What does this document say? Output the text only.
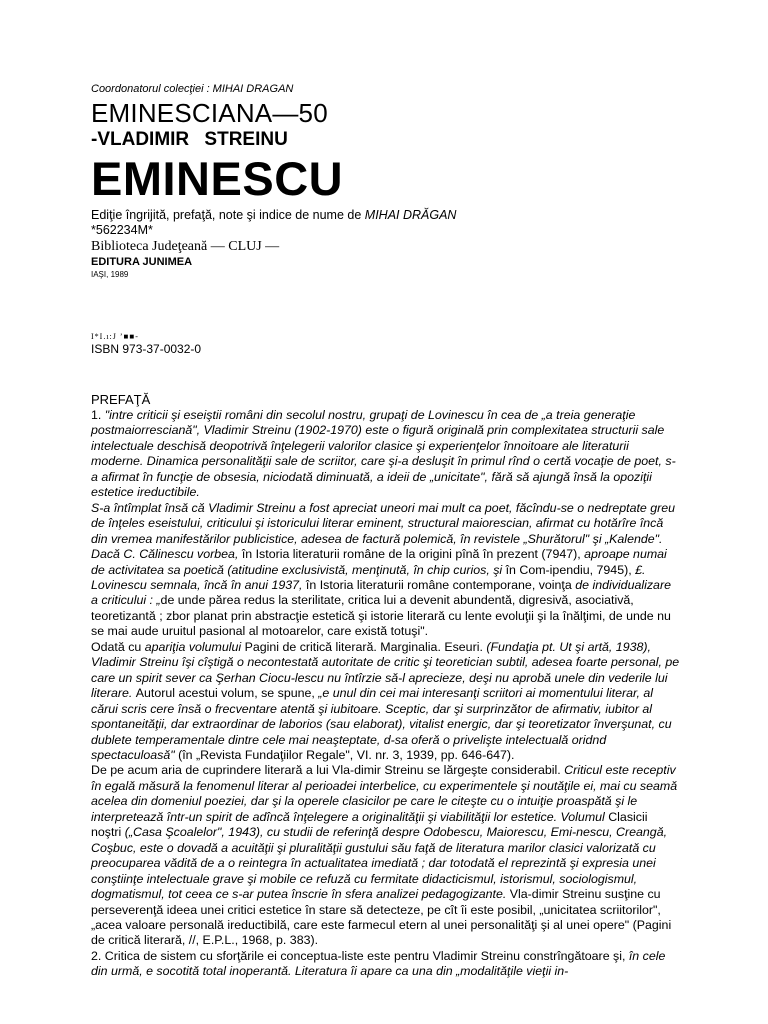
Coordonatorul colecţiei : MIHAI DRAGAN
EMINESCIANA—50
-VLADIMIR STREINU
EMINESCU
Ediţie îngrijită, prefaţă, note şi indice de nume de MIHAI DRĂGAN
*562234M*
Biblioteca Judeţeană — CLUJ —
EDITURA JUNIMEA
IAŞI, 1989
I*I.ı:J ’■■-
ISBN 973-37-0032-0
PREFAŢĂ

1. "intre criticii şi eseiştii români din secolul nostru, grupaţi de Lovinescu în cea de „a treia generaţie postmaiorresciană", Vladimir Streinu (1902-1970) este o figură originală prin complexitatea structurii sale intelectuale deschisă deopotrivă înţelegerii valorilor clasice şi experienţelor înnoitoare ale literaturii moderne. Dinamica personalităţii sale de scriitor, care şi-a desluşit în primul rînd o certă vocaţie de poet, s-a afirmat în funcţie de obsesia, niciodată diminuată, a ideii de „unicitate", fără să ajungă însă la opoziţii estetice ireductibile.

S-a întîmplat însă că Vladimir Streinu a fost apreciat uneori mai mult ca poet, făcîndu-se o nedreptate greu de înţeles eseistului, criticului şi istoricului literar eminent, structural maiorescian, afirmat cu hotărîre încă din vremea manifestărilor publicistice, adesea de factură polemică, în revistele „Shurătorul" şi „Kalende". Dacă C. Călinescu vorbea, în Istoria literaturii române de la origini pînă în prezent (7947), aproape numai de activitatea sa poetică (atitudine exclusivistă, menţinută, în chip curios, şi în Com-ipendiu, 7945), £. Lovinescu semnala, încă în anui 1937, în Istoria literaturii române contemporane, voinţa de individualizare a criticului : „de unde părea redus la sterilitate, critica lui a devenit abundentă, digresivă, asociativă, teoretizantă ; zbor planat prin abstracţie estetică şi istorie literară cu lente evoluţii şi la înălţimi, de unde nu se mai aude uruitul pasional al motoarelor, care există totuşi".

Odată cu apariţia volumului Pagini de critică literară. Marginalia. Eseuri. (Fundaţia pt. Ut şi artă, 1938), Vladimir Streinu îşi cîştigă o necontestată autoritate de critic şi teoretician subtil, adesea foarte personal, pe care un spirit sever ca Şerhan Ciocu-lescu nu întîrzie să-l aprecieze, deşi nu aprobă unele din vederile lui literare. Autorul acestui volum, se spune, „e unul din cei mai interesanţi scriitori ai momentului literar, al cărui scris cere însă o frecventare atentă şi iubitoare. Sceptic, dar şi surprinzător de afirmativ, iubitor al spontaneităţii, dar extraordinar de laborios (sau elaborat), vitalist energic, dar şi teoretizator înverşunat, cu dublete temperamentale dintre cele mai neaşteptate, d-sa oferă o privelişte intelectuală oridnd spectaculoasă" (în „Revista Fundaţiilor Regale", VI. nr. 3, 1939, pp. 646-647).

De pe acum aria de cuprindere literară a lui Vla-dimir Streinu se lărgeşte considerabil. Criticul este receptiv în egală măsură la fenomenul literar al perioadei interbelice, cu experimentele şi noutăţile ei, mai cu seamă acelea din domeniul poeziei, dar şi la operele clasicilor pe care le citeşte cu o intuiţie proaspătă şi le interpretează într-un spirit de adîncă înţelegere a originalităţii şi viabilităţii lor estetice. Volumul Clasicii noştri („Casa Şcoalelor", 1943), cu studii de referinţă despre Odobescu, Maiorescu, Emi-nescu, Creangă, Coşbuc, este o dovadă a acuităţii şi pluralităţii gustului său faţă de literatura marilor clasici valorizată cu preocuparea vădită de a o reintegra în actualitatea imediată ; dar totodată el reprezintă şi expresia unei conştiinţe intelectuale grave şi mobile ce refuză cu fermitate didacticismul, istorismul, sociologismul, dogmatismul, tot ceea ce s-ar putea înscrie în sfera analizei pedagogizante. Vla-dimir Streinu susţine cu perseverenţă ideea unei critici estetice în stare să detecteze, pe cît îi este posibil, „unicitatea scriitorilor", „acea valoare personală ireductibilă, care este farmecul etern al unei personalităţi şi al unei opere" (Pagini de critică literară, //, E.P.L., 1968, p. 383).

2. Critica de sistem cu sforţările ei conceptua-liste este pentru Vladimir Streinu constrîngătoare şi, în cele din urmă, e socotită total inoperantă. Literatura îi apare ca una din „modalităţile vieţii in-
